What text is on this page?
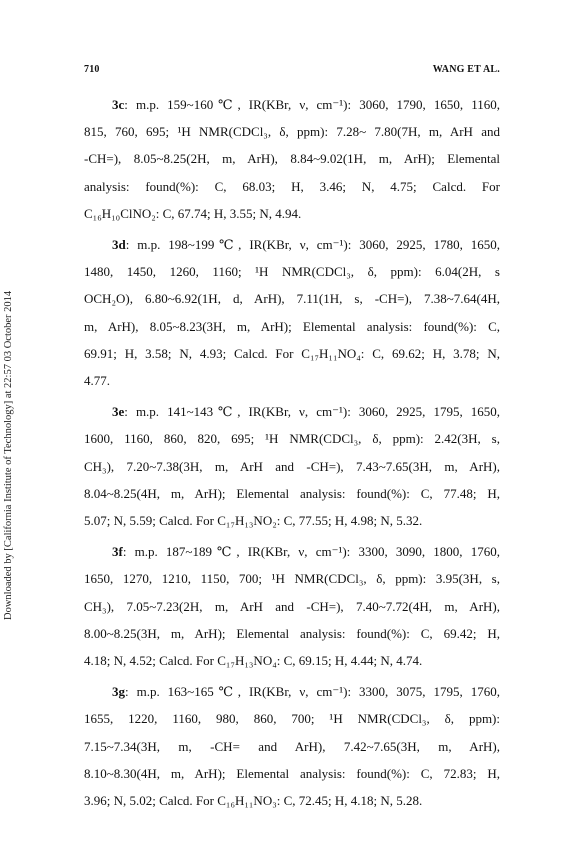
710	WANG ET AL.
Downloaded by [California Institute of Technology] at 22:57 03 October 2014
3c: m.p. 159~160℃, IR(KBr, ν, cm⁻¹): 3060, 1790, 1650, 1160,
815, 760, 695; ¹H NMR(CDCl₃, δ, ppm): 7.28~ 7.80(7H, m, ArH and
-CH=), 8.05~8.25(2H, m, ArH), 8.84~9.02(1H, m, ArH); Elemental
analysis: found(%): C, 68.03; H, 3.46; N, 4.75; Calcd. For
C₁₆H₁₀ClNO₂: C, 67.74; H, 3.55; N, 4.94.
3d: m.p. 198~199℃, IR(KBr, ν, cm⁻¹): 3060, 2925, 1780, 1650,
1480, 1450, 1260, 1160; ¹H NMR(CDCl₃, δ, ppm): 6.04(2H, s
OCH₂O), 6.80~6.92(1H, d, ArH), 7.11(1H, s, -CH=), 7.38~7.64(4H,
m, ArH), 8.05~8.23(3H, m, ArH); Elemental analysis: found(%): C,
69.91; H, 3.58; N, 4.93; Calcd. For C₁₇H₁₁NO₄: C, 69.62; H, 3.78; N,
4.77.
3e: m.p. 141~143℃, IR(KBr, ν, cm⁻¹): 3060, 2925, 1795, 1650,
1600, 1160, 860, 820, 695; ¹H NMR(CDCl₃, δ, ppm): 2.42(3H, s,
CH₃), 7.20~7.38(3H, m, ArH and -CH=), 7.43~7.65(3H, m, ArH),
8.04~8.25(4H, m, ArH); Elemental analysis: found(%): C, 77.48; H,
5.07; N, 5.59; Calcd. For C₁₇H₁₃NO₂: C, 77.55; H, 4.98; N, 5.32.
3f: m.p. 187~189℃, IR(KBr, ν, cm⁻¹): 3300, 3090, 1800, 1760,
1650, 1270, 1210, 1150, 700; ¹H NMR(CDCl₃, δ, ppm): 3.95(3H, s,
CH₃), 7.05~7.23(2H, m, ArH and -CH=), 7.40~7.72(4H, m, ArH),
8.00~8.25(3H, m, ArH); Elemental analysis: found(%): C, 69.42; H,
4.18; N, 4.52; Calcd. For C₁₇H₁₃NO₄: C, 69.15; H, 4.44; N, 4.74.
3g: m.p. 163~165℃, IR(KBr, ν, cm⁻¹): 3300, 3075, 1795, 1760,
1655, 1220, 1160, 980, 860, 700; ¹H NMR(CDCl₃, δ, ppm):
7.15~7.34(3H, m, -CH= and ArH), 7.42~7.65(3H, m, ArH),
8.10~8.30(4H, m, ArH); Elemental analysis: found(%): C, 72.83; H,
3.96; N, 5.02; Calcd. For C₁₆H₁₁NO₃: C, 72.45; H, 4.18; N, 5.28.
